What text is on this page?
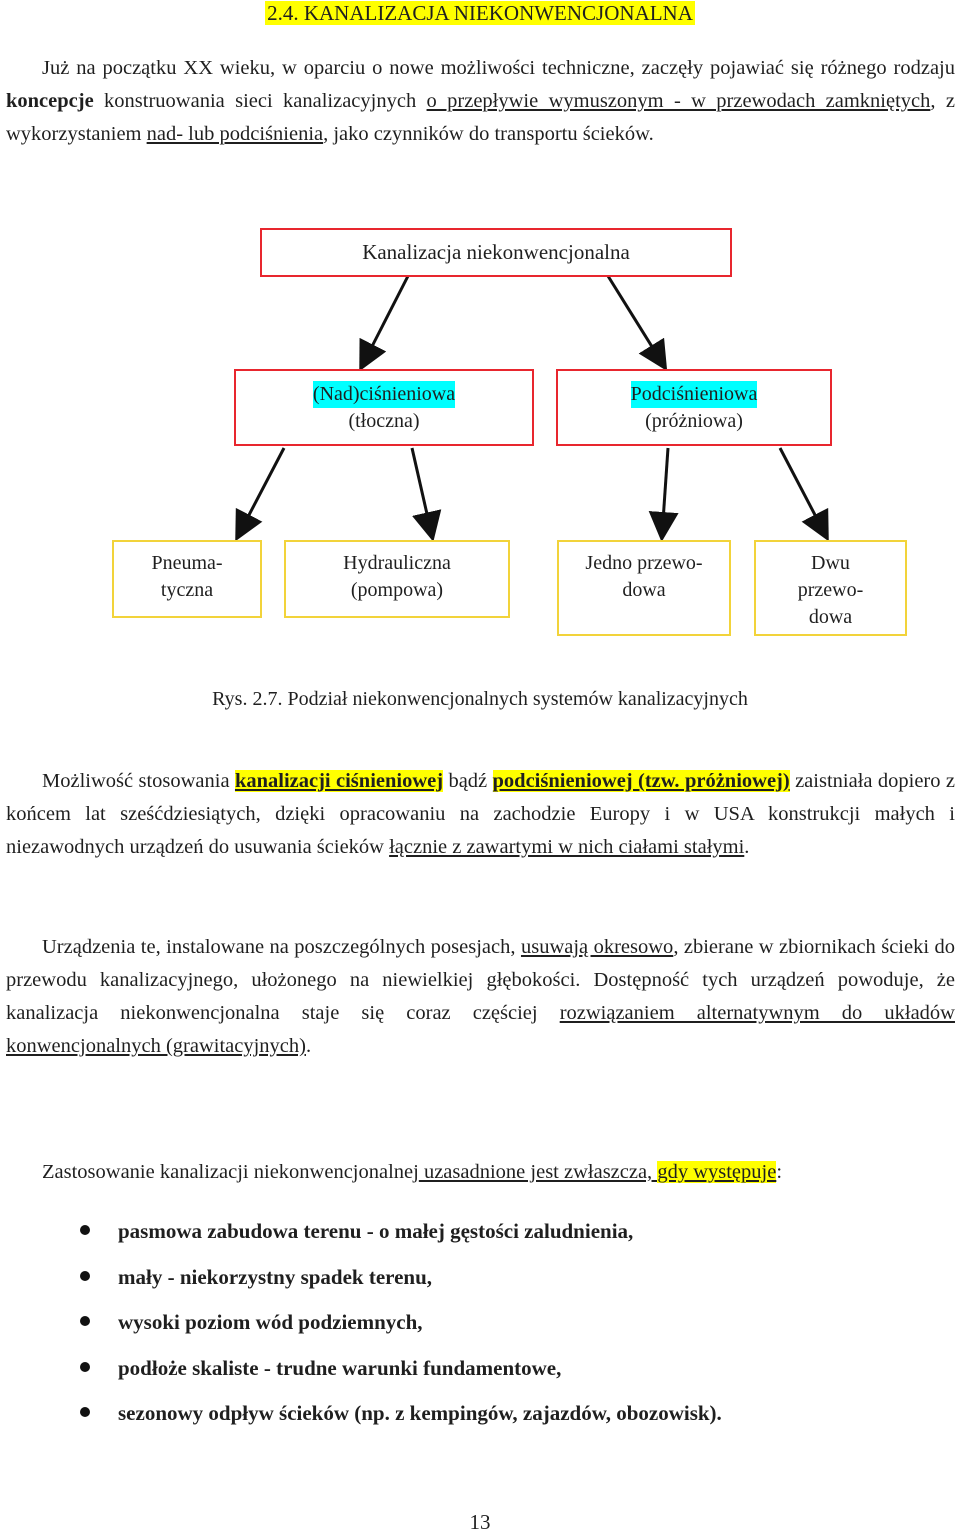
2.4. KANALIZACJA NIEKONWENCJONALNA
Już na początku XX wieku, w oparciu o nowe możliwości techniczne, zaczęły pojawiać się różnego rodzaju koncepcje konstruowania sieci kanalizacyjnych o przepływie wymuszonym - w przewodach zamkniętych, z wykorzystaniem nad- lub podciśnienia, jako czynników do transportu ścieków.
Kanalizacja niekonwencjonalna
(Nad)ciśnieniowa
(tłoczna)
Podciśnieniowa
(próżniowa)
Pneuma-
tyczna
Hydrauliczna
(pompowa)
Jedno przewo-
dowa
Dwu
przewo-
dowa
Rys. 2.7. Podział niekonwencjonalnych systemów kanalizacyjnych
Możliwość stosowania kanalizacji ciśnieniowej bądź podciśnieniowej (tzw. próżniowej) zaistniała dopiero z końcem lat sześćdziesiątych, dzięki opracowaniu na zachodzie Europy i w USA konstrukcji małych i niezawodnych urządzeń do usuwania ścieków łącznie z zawartymi w nich ciałami stałymi.
Urządzenia te, instalowane na poszczególnych posesjach, usuwają okresowo, zbierane w zbiornikach ścieki do przewodu kanalizacyjnego, ułożonego na niewielkiej głębokości. Dostępność tych urządzeń powoduje, że kanalizacja niekonwencjonalna staje się coraz częściej rozwiązaniem alternatywnym do układów konwencjonalnych (grawitacyjnych).
Zastosowanie kanalizacji niekonwencjonalnej uzasadnione jest zwłaszcza, gdy występuje:
pasmowa zabudowa terenu - o małej gęstości zaludnienia,
mały - niekorzystny spadek terenu,
wysoki poziom wód podziemnych,
podłoże skaliste - trudne warunki fundamentowe,
sezonowy odpływ ścieków (np. z kempingów, zajazdów, obozowisk).
13
